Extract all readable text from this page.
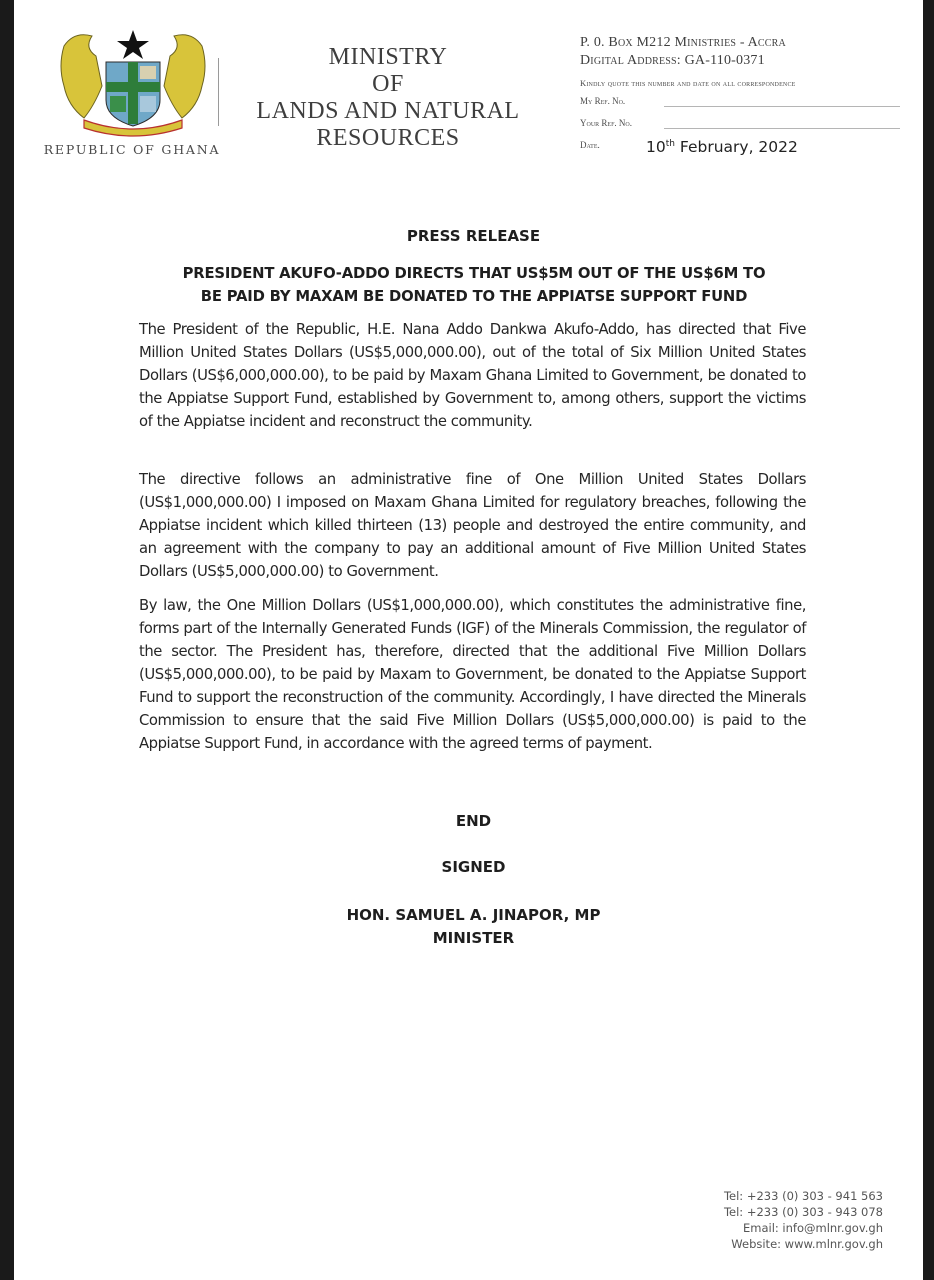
REPUBLIC OF GHANA
MINISTRY
OF
LANDS AND NATURAL
RESOURCES
P. 0. Box M212 Ministries - Accra
Digital Address: GA-110-0371
Kindly quote this number and date on all correspondence
My Ref. No.
Your Ref. No.
Date.	10th February, 2022
PRESS RELEASE
PRESIDENT AKUFO-ADDO DIRECTS THAT US$5M OUT OF THE US$6M TO
BE PAID BY MAXAM BE DONATED TO THE APPIATSE SUPPORT FUND

The President of the Republic, H.E. Nana Addo Dankwa Akufo-Addo, has directed that Five Million United States Dollars (US$5,000,000.00), out of the total of Six Million United States Dollars (US$6,000,000.00), to be paid by Maxam Ghana Limited to Government, be donated to the Appiatse Support Fund, established by Government to, among others, support the victims of the Appiatse incident and reconstruct the community.

The directive follows an administrative fine of One Million United States Dollars (US$1,000,000.00) I imposed on Maxam Ghana Limited for regulatory breaches, following the Appiatse incident which killed thirteen (13) people and destroyed the entire community, and an agreement with the company to pay an additional amount of Five Million United States Dollars (US$5,000,000.00) to Government.

By law, the One Million Dollars (US$1,000,000.00), which constitutes the administrative fine, forms part of the Internally Generated Funds (IGF) of the Minerals Commission, the regulator of the sector. The President has, therefore, directed that the additional Five Million Dollars (US$5,000,000.00), to be paid by Maxam to Government, be donated to the Appiatse Support Fund to support the reconstruction of the community. Accordingly, I have directed the Minerals Commission to ensure that the said Five Million Dollars (US$5,000,000.00) is paid to the Appiatse Support Fund, in accordance with the agreed terms of payment.

END
SIGNED
HON. SAMUEL A. JINAPOR, MP
MINISTER
Tel: +233 (0) 303 - 941 563
Tel: +233 (0) 303 - 943 078
Email: info@mlnr.gov.gh
Website: www.mlnr.gov.gh
